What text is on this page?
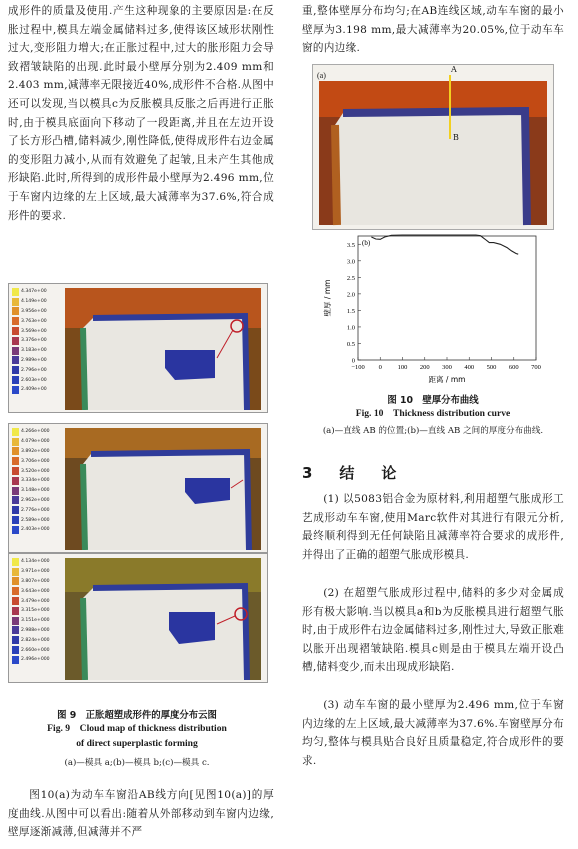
成形件的质量及使用.产生这种现象的主要原因是:在反胀过程中,模具左端金属储料过多,使得该区域形状刚性过大,变形阻力增大;在正胀过程中,过大的胀形阻力会导致褶皱缺陷的出现.此时最小壁厚分别为2.409 mm和2.403 mm,减薄率无限接近40%,成形件不合格.从图中还可以发现,当以模具c为反胀模具反胀之后再进行正胀时,由于模具底面向下移动了一段距离,并且在左边开设了长方形凸槽,储料减少,刚性降低,使得成形件右边金属的变形阻力减小,从而有效避免了起皱,且未产生其他成形缺陷.此时,所得到的成形件最小壁厚为2.496 mm,位于车窗内边缘的左上区域,最大减薄率为37.6%,符合成形件的要求.

4.347e+00
4.149e+00
3.956e+00
3.763e+00
3.569e+00
3.376e+00
3.183e+00
2.989e+00
2.796e+00
2.603e+00
2.409e+00
4.266e+000
4.079e+000
3.892e+000
3.706e+000
3.520e+000
3.334e+000
3.148e+000
2.962e+000
2.776e+000
2.589e+000
2.403e+000
4.134e+000
3.971e+000
3.807e+000
3.643e+000
3.479e+000
3.315e+000
3.151e+000
2.988e+000
2.824e+000
2.660e+000
2.496e+000
图 9　正胀超塑成形件的厚度分布云图
Fig. 9　Cloud map of thickness distribution
of direct superplastic forming
(a)—模具 a;(b)—模具 b;(c)—模具 c.

图10(a)为动车车窗沿AB线方向[见图10(a)]的厚度曲线.从图中可以看出:随着从外部移动到车窗内边缘,壁厚逐渐减薄,但减薄并不严

重,整体壁厚分布均匀;在AB连线区域,动车车窗的最小壁厚为3.198 mm,最大减薄率为20.05%,位于动车车窗的内边缘.

(a)
A
B
(b)
−100 0 100 200 300 400 500 600 700
0
0.5
1.0
1.5
2.0
2.5
3.0
3.5
距离 / mm
壁厚 / mm
图 10　壁厚分布曲线
Fig. 10　Thickness distribution curve
(a)—直线 AB 的位置;(b)—直线 AB 之间的厚度分布曲线.
3　结　论

(1) 以5083铝合金为原材料,利用超塑气胀成形工艺成形动车车窗,使用Marc软件对其进行有限元分析,最终顺利得到无任何缺陷且减薄率符合要求的成形件,并得出了正确的超塑气胀成形模具.

(2) 在超塑气胀成形过程中,储料的多少对金属成形有极大影响.当以模具a和b为反胀模具进行超塑气胀时,由于成形件右边金属储料过多,刚性过大,导致正胀难以胀开出现褶皱缺陷.模具c则是由于模具左端开设凸槽,储料变少,而未出现成形缺陷.

(3) 动车车窗的最小壁厚为2.496 mm,位于车窗内边缘的左上区域,最大减薄率为37.6%.车窗壁厚分布均匀,整体与模具贴合良好且质量稳定,符合成形件的要求.
